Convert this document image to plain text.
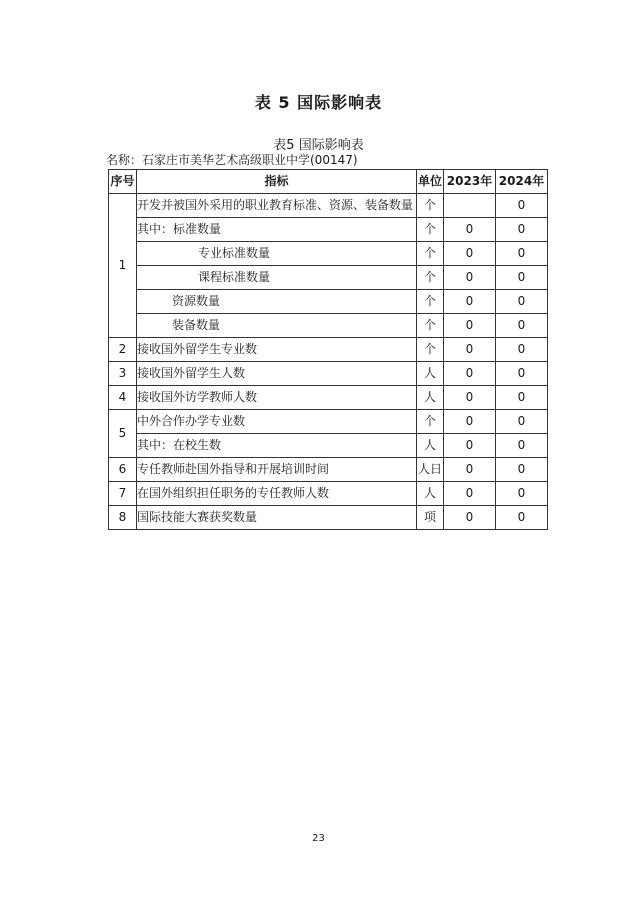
表 5 国际影响表
表5 国际影响表
名称：石家庄市美华艺术高级职业中学(00147)
序号	指标	单位	2023年	2024年
1	开发并被国外采用的职业教育标准、资源、装备数量	个		0
	其中：标准数量	个	0	0
	专业标准数量	个	0	0
	课程标准数量	个	0	0
	资源数量	个	0	0
	装备数量	个	0	0
2	接收国外留学生专业数	个	0	0
3	接收国外留学生人数	人	0	0
4	接收国外访学教师人数	人	0	0
5	中外合作办学专业数	个	0	0
	其中：在校生数	人	0	0
6	专任教师赴国外指导和开展培训时间	人日	0	0
7	在国外组织担任职务的专任教师人数	人	0	0
8	国际技能大赛获奖数量	项	0	0
23
